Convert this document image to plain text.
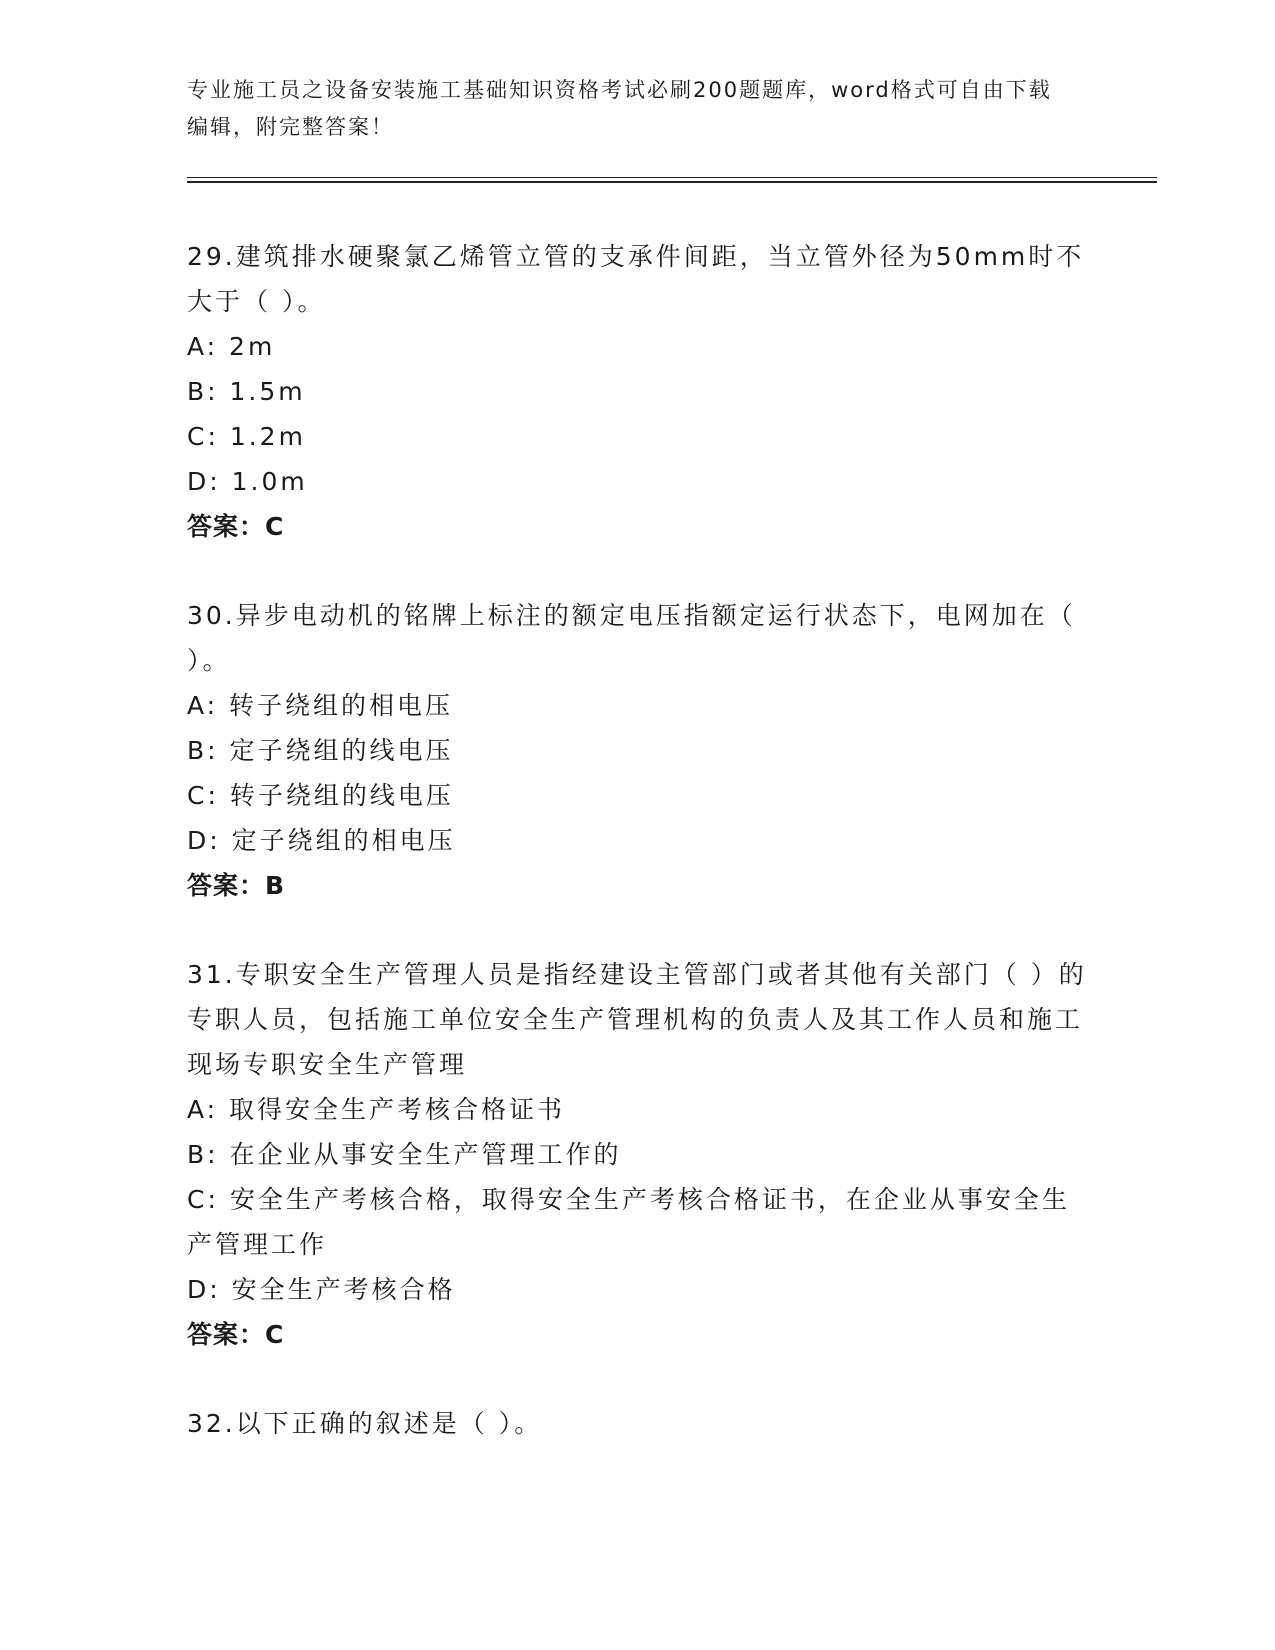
专业施工员之设备安装施工基础知识资格考试必刷200题题库，word格式可自由下载编辑，附完整答案！
29.建筑排水硬聚氯乙烯管立管的支承件间距，当立管外径为50mm时不大于（ ）。
A: 2m
B: 1.5m
C: 1.2m
D: 1.0m
答案：C
30.异步电动机的铭牌上标注的额定电压指额定运行状态下，电网加在（ ）。
A: 转子绕组的相电压
B: 定子绕组的线电压
C: 转子绕组的线电压
D: 定子绕组的相电压
答案：B
31.专职安全生产管理人员是指经建设主管部门或者其他有关部门（ ）的专职人员，包括施工单位安全生产管理机构的负责人及其工作人员和施工现场专职安全生产管理
A: 取得安全生产考核合格证书
B: 在企业从事安全生产管理工作的
C: 安全生产考核合格，取得安全生产考核合格证书，在企业从事安全生产管理工作
D: 安全生产考核合格
答案：C
32.以下正确的叙述是（ ）。
